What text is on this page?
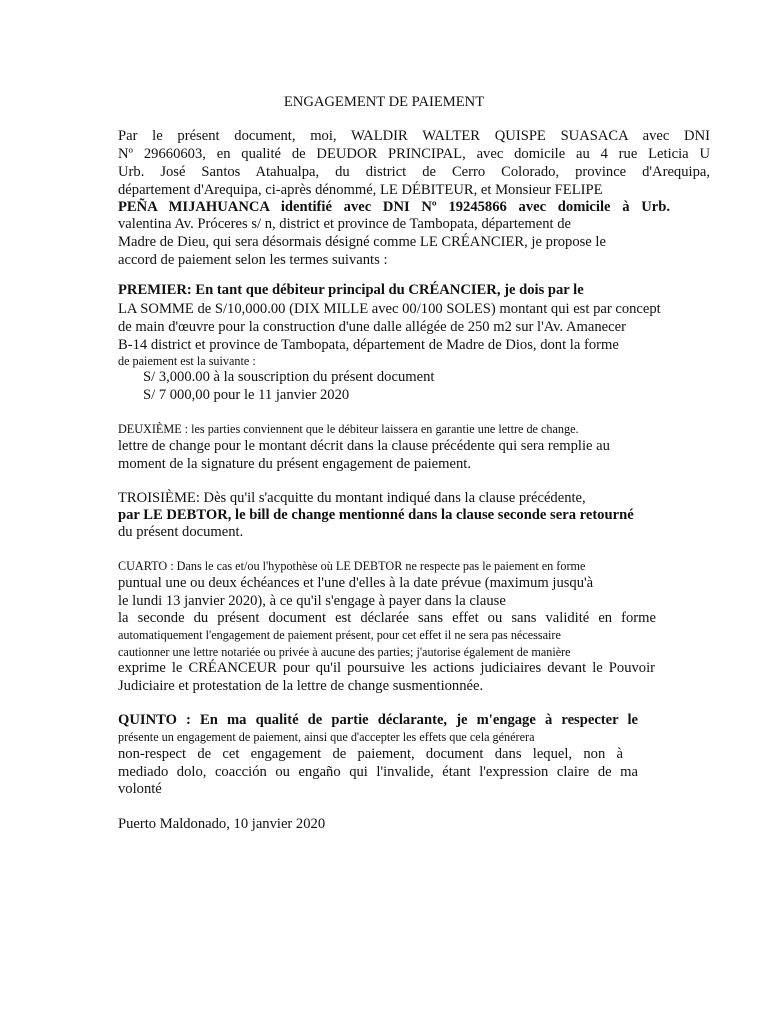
ENGAGEMENT DE PAIEMENT
Par le présent document, moi, WALDIR WALTER QUISPE SUASACA avec DNI
Nº 29660603, en qualité de DEUDOR PRINCIPAL, avec domicile au 4 rue Leticia U
Urb. José Santos Atahualpa, du district de Cerro Colorado, province d'Arequipa,
département d'Arequipa, ci-après dénommé, LE DÉBITEUR, et Monsieur FELIPE
PEÑA MIJAHUANCA identifié avec DNI Nº 19245866 avec domicile à Urb.
valentina Av. Próceres s/ n, district et province de Tambopata, département de
Madre de Dieu, qui sera désormais désigné comme LE CRÉANCIER, je propose le
accord de paiement selon les termes suivants :
PREMIER: En tant que débiteur principal du CRÉANCIER, je dois par le
LA SOMME de S/10,000.00 (DIX MILLE avec 00/100 SOLES) montant qui est par concept
de main d'œuvre pour la construction d'une dalle allégée de 250 m2 sur l'Av. Amanecer
B-14 district et province de Tambopata, département de Madre de Dios, dont la forme
de paiement est la suivante :
S/ 3,000.00 à la souscription du présent document
S/ 7 000,00 pour le 11 janvier 2020
DEUXIÈME : les parties conviennent que le débiteur laissera en garantie une lettre de change.
lettre de change pour le montant décrit dans la clause précédente qui sera remplie au
moment de la signature du présent engagement de paiement.
TROISIÈME: Dès qu'il s'acquitte du montant indiqué dans la clause précédente,
par LE DEBTOR, le bill de change mentionné dans la clause seconde sera retourné
du présent document.
CUARTO : Dans le cas et/ou l'hypothèse où LE DEBTOR ne respecte pas le paiement en forme
puntual une ou deux échéances et l'une d'elles à la date prévue (maximum jusqu'à
le lundi 13 janvier 2020), à ce qu'il s'engage à payer dans la clause
la seconde du présent document est déclarée sans effet ou sans validité en forme
automatiquement l'engagement de paiement présent, pour cet effet il ne sera pas nécessaire
cautionner une lettre notariée ou privée à aucune des parties; j'autorise également de manière
exprime le CRÉANCEUR pour qu'il poursuive les actions judiciaires devant le Pouvoir
Judiciaire et protestation de la lettre de change susmentionnée.
QUINTO : En ma qualité de partie déclarante, je m'engage à respecter le
présente un engagement de paiement, ainsi que d'accepter les effets que cela générera
non-respect de cet engagement de paiement, document dans lequel, non à
mediado dolo, coacción ou engaño qui l'invalide, étant l'expression claire de ma
volonté
Puerto Maldonado, 10 janvier 2020
